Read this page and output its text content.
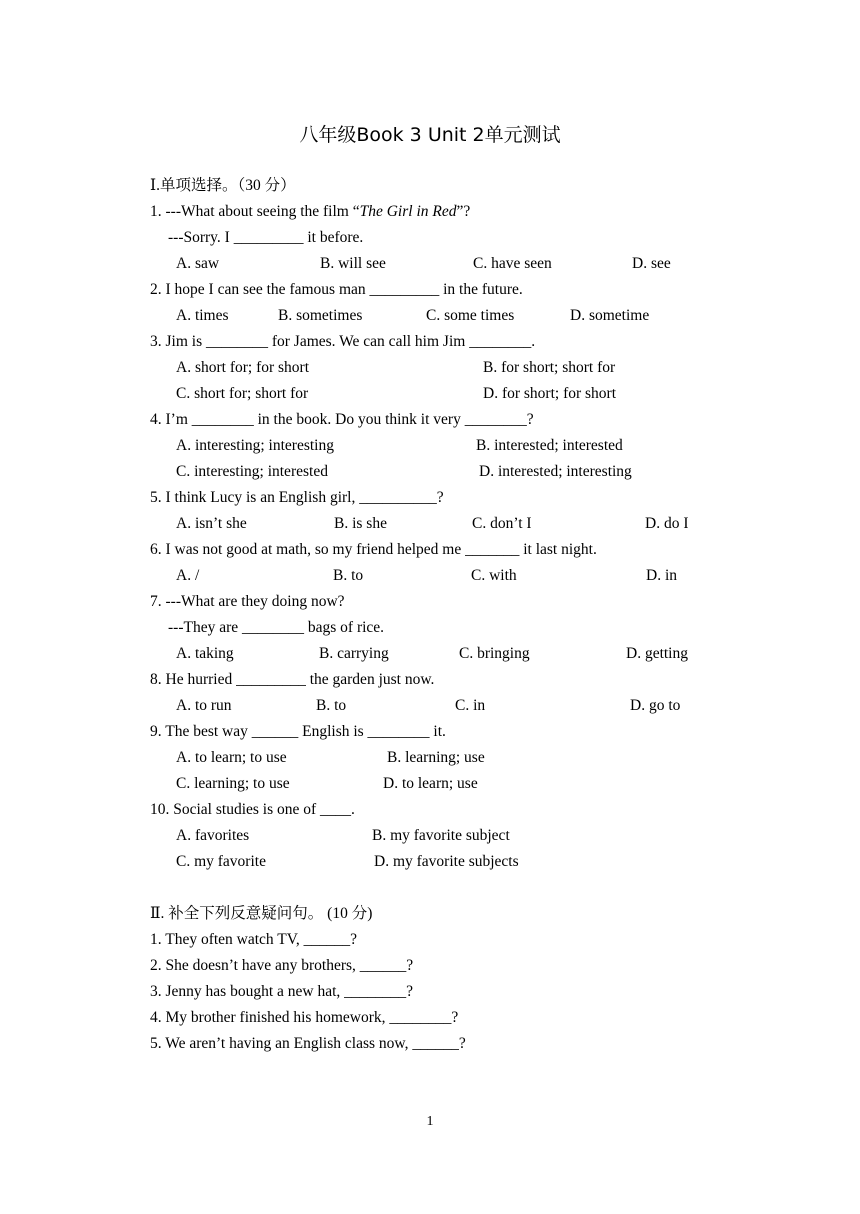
八年级Book 3 Unit 2单元测试
Ⅰ.单项选择。（30 分）
1. ---What about seeing the film “The Girl in Red”?
---Sorry. I _________ it before.
A. saw	B. will see	C. have seen	D. see
2. I hope I can see the famous man _________ in the future.
A. times	B. sometimes	C. some times	D. sometime
3. Jim is ________ for James. We can call him Jim ________.
A. short for; for short	B. for short; short for
C. short for; short for	D. for short; for short
4. I’m ________ in the book. Do you think it very ________?
A. interesting; interesting	B. interested; interested
C. interesting; interested	D. interested; interesting
5. I think Lucy is an English girl, __________?
A. isn’t she	B. is she	C. don’t I	D. do I
6. I was not good at math, so my friend helped me _______ it last night.
A. /	B. to	C. with	D. in
7. ---What are they doing now?
---They are ________ bags of rice.
A. taking	B. carrying	C. bringing	D. getting
8. He hurried _________ the garden just now.
A. to run	B. to	C. in	D. go to
9. The best way ______ English is ________ it.
A. to learn; to use	B. learning; use
C. learning; to use	D. to learn; use
10. Social studies is one of ____.
A. favorites	B. my favorite subject
C. my favorite	D. my favorite subjects
Ⅱ. 补全下列反意疑问句。 (10 分)
1. They often watch TV, ______?
2. She doesn’t have any brothers, ______?
3. Jenny has bought a new hat, ________?
4. My brother finished his homework, ________?
5. We aren’t having an English class now, ______?
1
